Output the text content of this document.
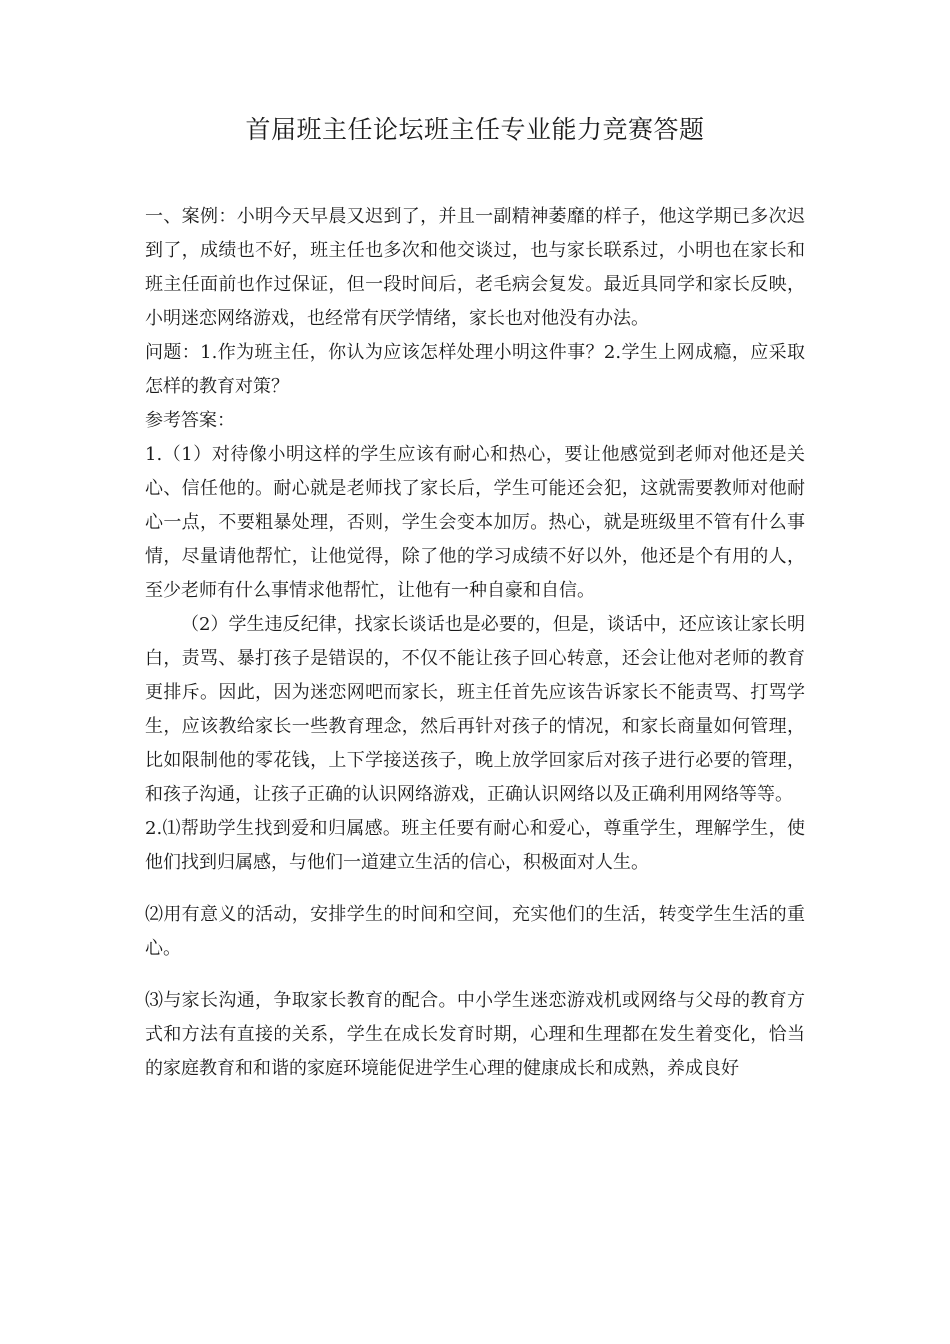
首届班主任论坛班主任专业能力竞赛答题

一、案例：小明今天早晨又迟到了，并且一副精神萎靡的样子，他这学期已多次迟到了，成绩也不好，班主任也多次和他交谈过，也与家长联系过，小明也在家长和班主任面前也作过保证，但一段时间后，老毛病会复发。最近具同学和家长反映，小明迷恋网络游戏，也经常有厌学情绪，家长也对他没有办法。

问题：1.作为班主任，你认为应该怎样处理小明这件事？2.学生上网成瘾，应采取怎样的教育对策？

参考答案：

1.（1）对待像小明这样的学生应该有耐心和热心，要让他感觉到老师对他还是关心、信任他的。耐心就是老师找了家长后，学生可能还会犯，这就需要教师对他耐心一点，不要粗暴处理，否则，学生会变本加厉。热心，就是班级里不管有什么事情，尽量请他帮忙，让他觉得，除了他的学习成绩不好以外，他还是个有用的人，至少老师有什么事情求他帮忙，让他有一种自豪和自信。

（2）学生违反纪律，找家长谈话也是必要的，但是，谈话中，还应该让家长明白，责骂、暴打孩子是错误的，不仅不能让孩子回心转意，还会让他对老师的教育更排斥。因此，因为迷恋网吧而家长，班主任首先应该告诉家长不能责骂、打骂学生，应该教给家长一些教育理念，然后再针对孩子的情况，和家长商量如何管理，比如限制他的零花钱，上下学接送孩子，晚上放学回家后对孩子进行必要的管理，和孩子沟通，让孩子正确的认识网络游戏，正确认识网络以及正确利用网络等等。

2.⑴帮助学生找到爱和归属感。班主任要有耐心和爱心，尊重学生，理解学生，使他们找到归属感，与他们一道建立生活的信心，积极面对人生。

⑵用有意义的活动，安排学生的时间和空间，充实他们的生活，转变学生生活的重心。

⑶与家长沟通，争取家长教育的配合。中小学生迷恋游戏机或网络与父母的教育方式和方法有直接的关系，学生在成长发育时期，心理和生理都在发生着变化，恰当的家庭教育和和谐的家庭环境能促进学生心理的健康成长和成熟，养成良好
